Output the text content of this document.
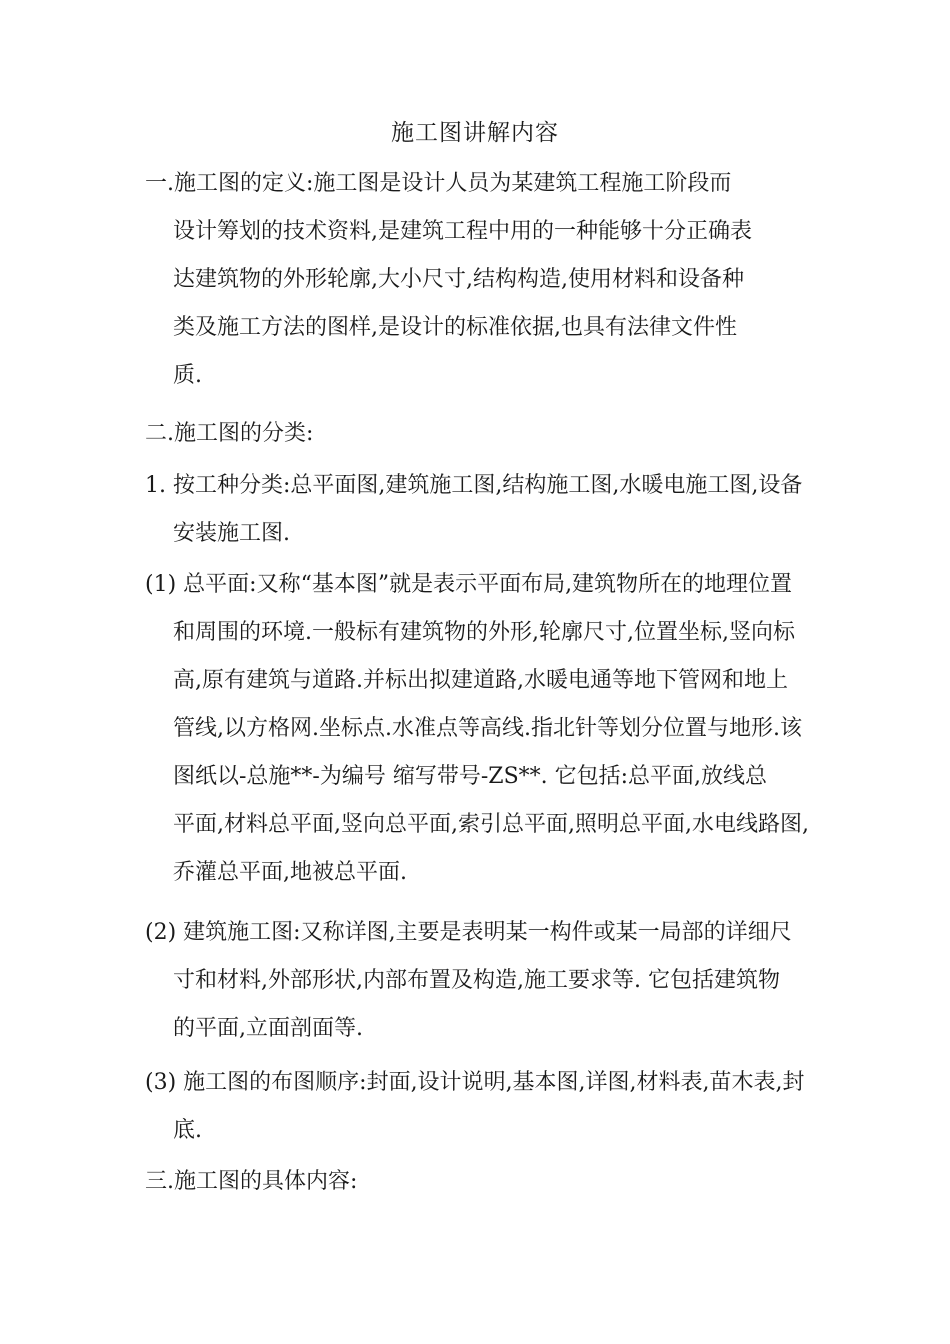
施工图讲解内容
一.施工图的定义:施工图是设计人员为某建筑工程施工阶段而
设计筹划的技术资料,是建筑工程中用的一种能够十分正确表
达建筑物的外形轮廓,大小尺寸,结构构造,使用材料和设备种
类及施工方法的图样,是设计的标准依据,也具有法律文件性
质.
二.施工图的分类:
1. 按工种分类:总平面图,建筑施工图,结构施工图,水暖电施工图,设备
安装施工图.
(1) 总平面:又称“基本图”就是表示平面布局,建筑物所在的地理位置
和周围的环境.一般标有建筑物的外形,轮廓尺寸,位置坐标,竖向标
高,原有建筑与道路.并标出拟建道路,水暖电通等地下管网和地上
管线,以方格网.坐标点.水准点等高线.指北针等划分位置与地形.该
图纸以-总施**-为编号 缩写带号-ZS**. 它包括:总平面,放线总
平面,材料总平面,竖向总平面,索引总平面,照明总平面,水电线路图,
乔灌总平面,地被总平面.
(2) 建筑施工图:又称详图,主要是表明某一构件或某一局部的详细尺
寸和材料,外部形状,内部布置及构造,施工要求等. 它包括建筑物
的平面,立面剖面等.
(3) 施工图的布图顺序:封面,设计说明,基本图,详图,材料表,苗木表,封
底.
三.施工图的具体内容:
